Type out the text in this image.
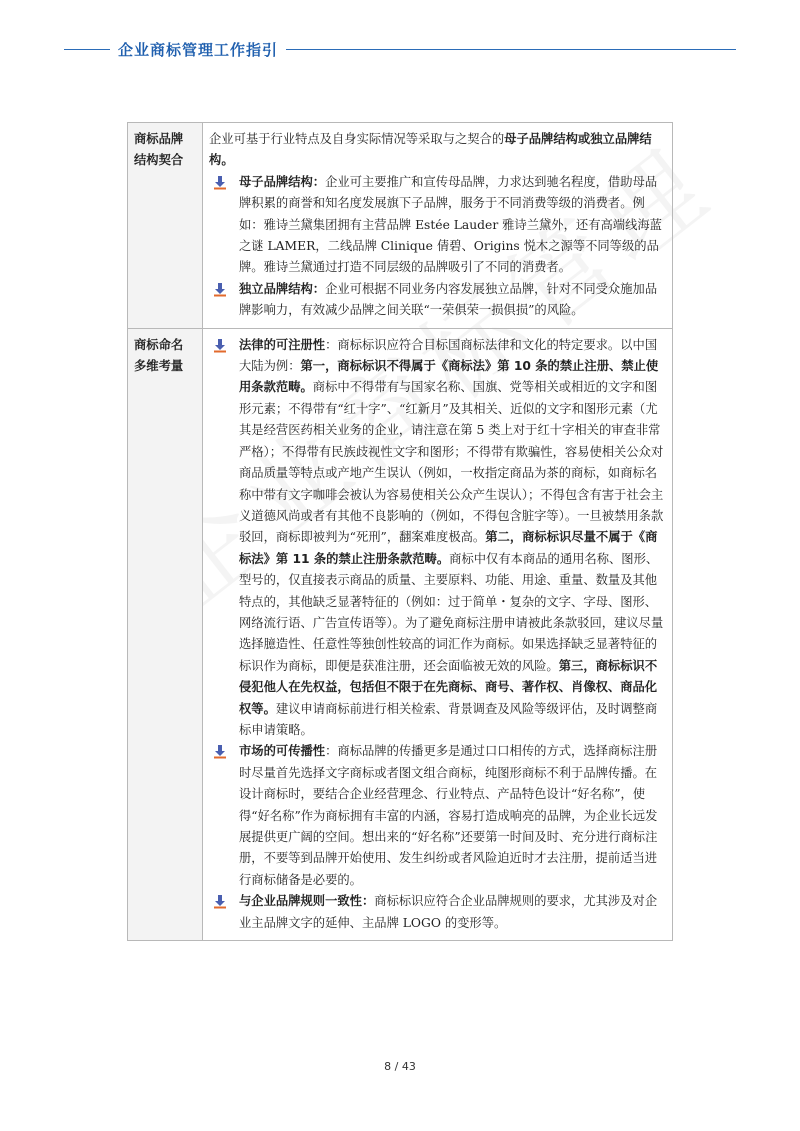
企业商标管理工作指引
商标品牌结构契合	企业可基于行业特点及自身实际情况等采取与之契合的母子品牌结构或独立品牌结构。

母子品牌结构：企业可主要推广和宣传母品牌，力求达到驰名程度，借助母品牌积累的商誉和知名度发展旗下子品牌，服务于不同消费等级的消费者。例如：雅诗兰黛集团拥有主营品牌 Estée Lauder 雅诗兰黛外，还有高端线海蓝之谜 LAMER，二线品牌 Clinique 倩碧、Origins 悦木之源等不同等级的品牌。雅诗兰黛通过打造不同层级的品牌吸引了不同的消费者。

独立品牌结构：企业可根据不同业务内容发展独立品牌，针对不同受众施加品牌影响力，有效减少品牌之间关联“一荣俱荣一损俱损”的风险。

商标命名多维考量	法律的可注册性：商标标识应符合目标国商标法律和文化的特定要求。以中国大陆为例：第一，商标标识不得属于《商标法》第 10 条的禁止注册、禁止使用条款范畴。商标中不得带有与国家名称、国旗、党等相关或相近的文字和图形元素；不得带有“红十字”、“红新月”及其相关、近似的文字和图形元素（尤其是经营医药相关业务的企业，请注意在第 5 类上对于红十字相关的审查非常严格）；不得带有民族歧视性文字和图形；不得带有欺骗性，容易使相关公众对商品质量等特点或产地产生误认（例如，一枚指定商品为茶的商标，如商标名称中带有文字咖啡会被认为容易使相关公众产生误认）；不得包含有害于社会主义道德风尚或者有其他不良影响的（例如，不得包含脏字等）。一旦被禁用条款驳回，商标即被判为“死刑”，翻案难度极高。第二，商标标识尽量不属于《商标法》第 11 条的禁止注册条款范畴。商标中仅有本商品的通用名称、图形、型号的，仅直接表示商品的质量、主要原料、功能、用途、重量、数量及其他特点的，其他缺乏显著特征的（例如：过于简单・复杂的文字、字母、图形、网络流行语、广告宣传语等）。为了避免商标注册申请被此条款驳回，建议尽量选择臆造性、任意性等独创性较高的词汇作为商标。如果选择缺乏显著特征的标识作为商标，即便是获准注册，还会面临被无效的风险。第三，商标标识不侵犯他人在先权益，包括但不限于在先商标、商号、著作权、肖像权、商品化权等。建议申请商标前进行相关检索、背景调查及风险等级评估，及时调整商标申请策略。

市场的可传播性：商标品牌的传播更多是通过口口相传的方式，选择商标注册时尽量首先选择文字商标或者图文组合商标，纯图形商标不利于品牌传播。在设计商标时，要结合企业经营理念、行业特点、产品特色设计“好名称”，使得“好名称”作为商标拥有丰富的内涵，容易打造成响亮的品牌，为企业长远发展提供更广阔的空间。想出来的“好名称”还要第一时间及时、充分进行商标注册，不要等到品牌开始使用、发生纠纷或者风险迫近时才去注册，提前适当进行商标储备是必要的。

与企业品牌规则一致性：商标标识应符合企业品牌规则的要求，尤其涉及对企业主品牌文字的延伸、主品牌 LOGO 的变形等。

8 / 43
